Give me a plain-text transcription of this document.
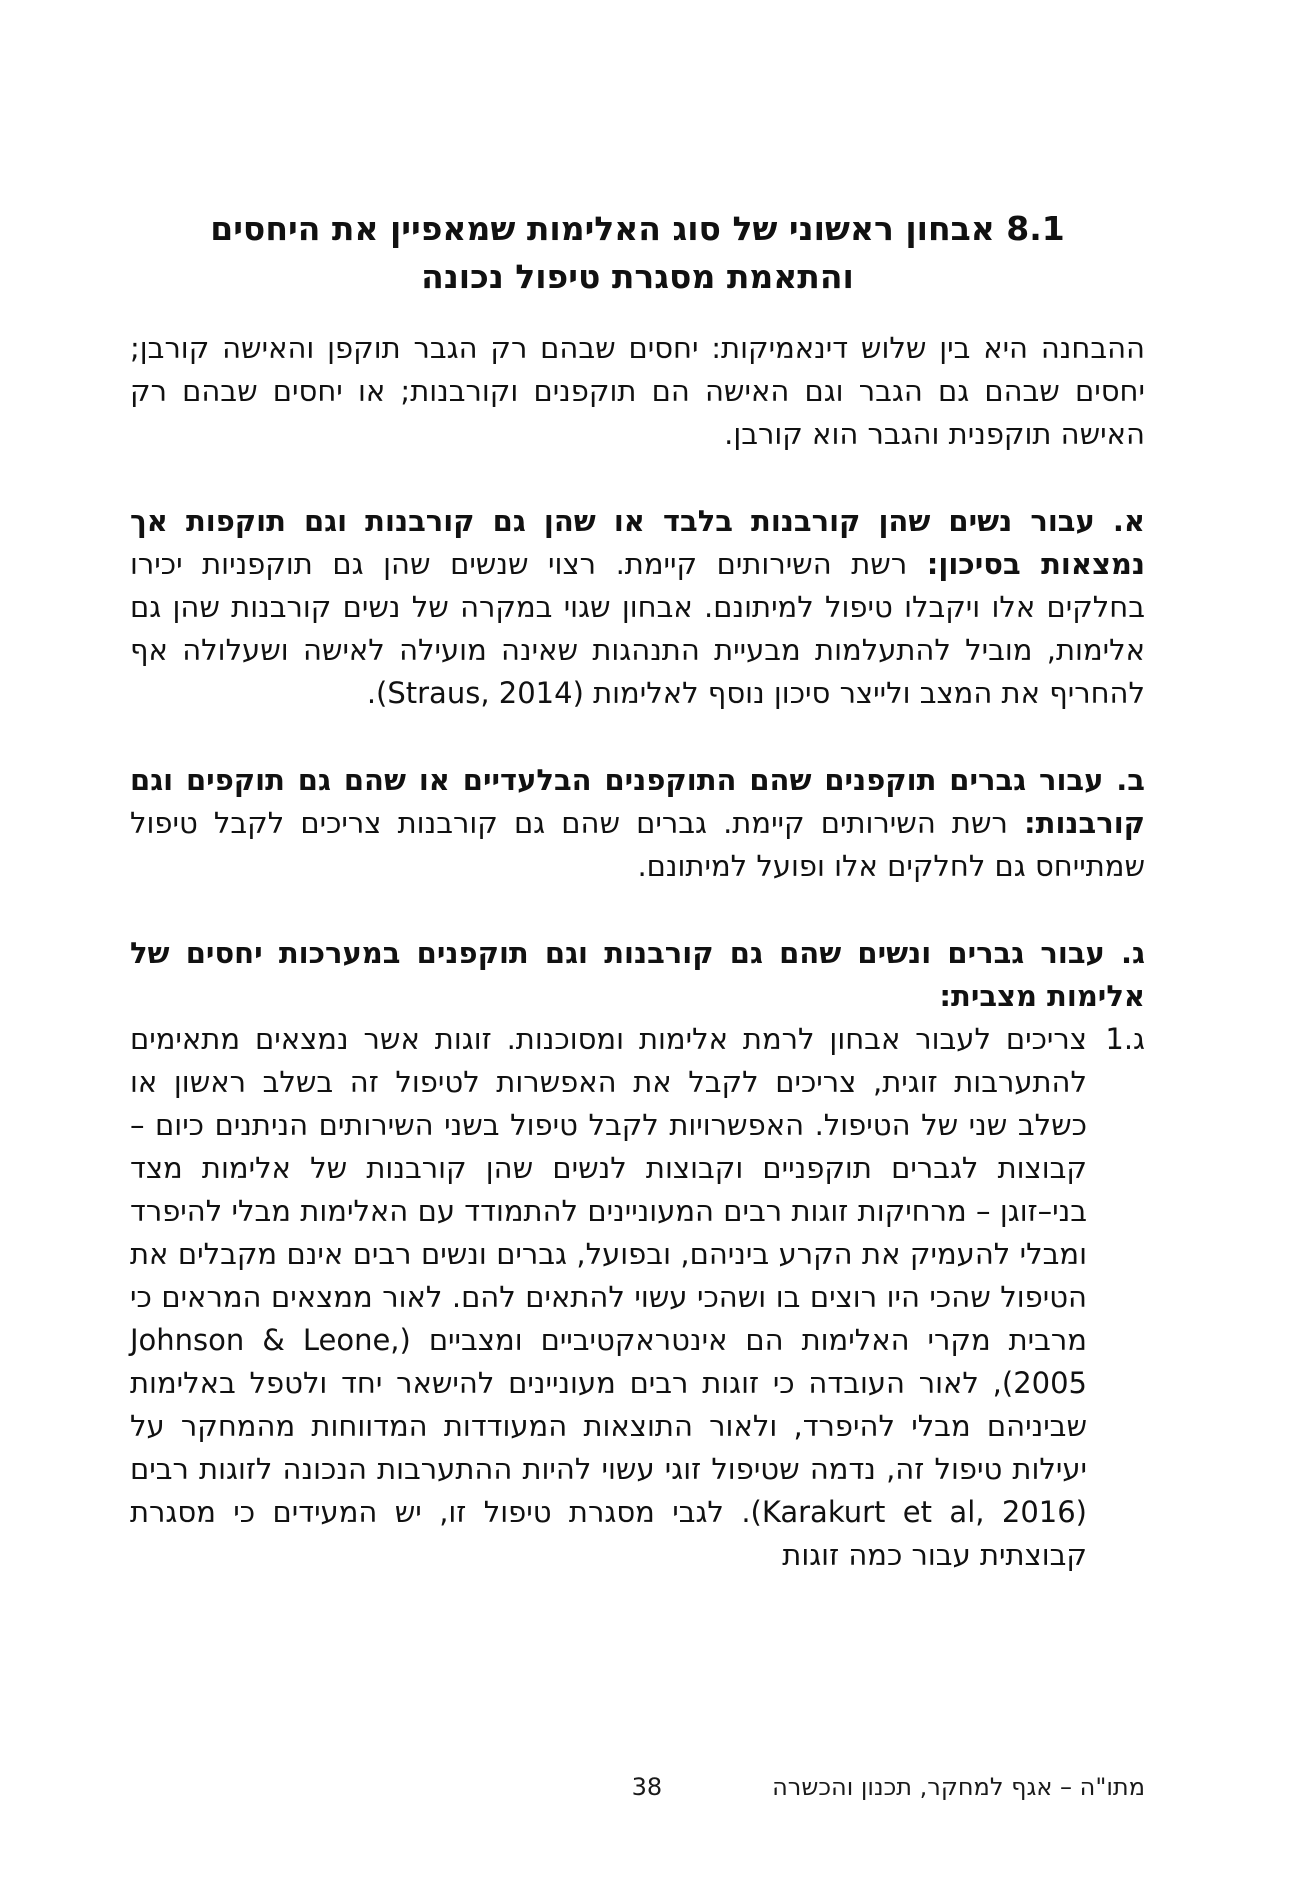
8.1 אבחון ראשוני של סוג האלימות שמאפיין את היחסים
והתאמת מסגרת טיפול נכונה

ההבחנה היא בין שלוש דינאמיקות: יחסים שבהם רק הגבר תוקפן והאישה קורבן; יחסים שבהם גם הגבר וגם האישה הם תוקפנים וקורבנות; או יחסים שבהם רק האישה תוקפנית והגבר הוא קורבן.

א. עבור נשים שהן קורבנות בלבד או שהן גם קורבנות וגם תוקפות אך נמצאות בסיכון: רשת השירותים קיימת. רצוי שנשים שהן גם תוקפניות יכירו בחלקים אלו ויקבלו טיפול למיתונם. אבחון שגוי במקרה של נשים קורבנות שהן גם אלימות, מוביל להתעלמות מבעיית התנהגות שאינה מועילה לאישה ושעלולה אף להחריף את המצב ולייצר סיכון נוסף לאלימות (Straus, 2014).

ב. עבור גברים תוקפנים שהם התוקפנים הבלעדיים או שהם גם תוקפים וגם קורבנות: רשת השירותים קיימת. גברים שהם גם קורבנות צריכים לקבל טיפול שמתייחס גם לחלקים אלו ופועל למיתונם.

ג. עבור גברים ונשים שהם גם קורבנות וגם תוקפנים במערכות יחסים של אלימות מצבית:

ג.1

צריכים לעבור אבחון לרמת אלימות ומסוכנות. זוגות אשר נמצאים מתאימים להתערבות זוגית, צריכים לקבל את האפשרות לטיפול זה בשלב ראשון או כשלב שני של הטיפול. האפשרויות לקבל טיפול בשני השירותים הניתנים כיום – קבוצות לגברים תוקפניים וקבוצות לנשים שהן קורבנות של אלימות מצד בני–זוגן – מרחיקות זוגות רבים המעוניינים להתמודד עם האלימות מבלי להיפרד ומבלי להעמיק את הקרע ביניהם, ובפועל, גברים ונשים רבים אינם מקבלים את הטיפול שהכי היו רוצים בו ושהכי עשוי להתאים להם. לאור ממצאים המראים כי מרבית מקרי האלימות הם אינטראקטיביים ומצביים (Johnson & Leone, 2005), לאור העובדה כי זוגות רבים מעוניינים להישאר יחד ולטפל באלימות שביניהם מבלי להיפרד, ולאור התוצאות המעודדות המדווחות מהמחקר על יעילות טיפול זה, נדמה שטיפול זוגי עשוי להיות ההתערבות הנכונה לזוגות רבים (Karakurt et al, 2016). לגבי מסגרת טיפול זו, יש המעידים כי מסגרת קבוצתית עבור כמה זוגות

מתו"ה – אגף למחקר, תכנון והכשרה
38
